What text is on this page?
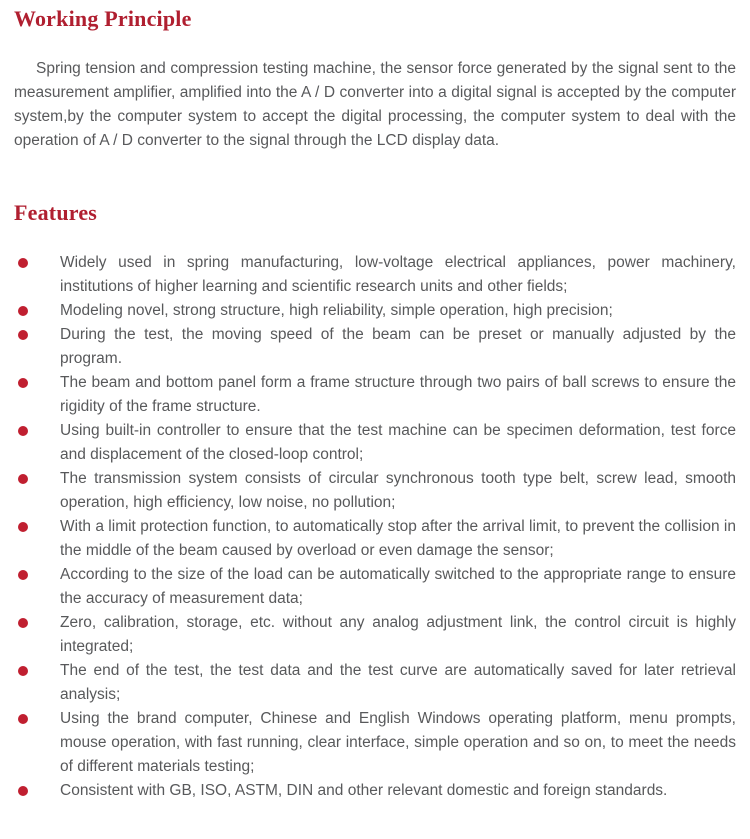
Working Principle

Spring tension and compression testing machine, the sensor force generated by the signal sent to the measurement amplifier, amplified into the A / D converter into a digital signal is accepted by the computer system,by the computer system to accept the digital processing, the computer system to deal with the operation of A / D converter to the signal through the LCD display data.

Features
Widely used in spring manufacturing, low-voltage electrical appliances, power machinery, institutions of higher learning and scientific research units and other fields;
Modeling novel, strong structure, high reliability, simple operation, high precision;
During the test, the moving speed of the beam can be preset or manually adjusted by the program.
The beam and bottom panel form a frame structure through two pairs of ball screws to ensure the rigidity of the frame structure.
Using built-in controller to ensure that the test machine can be specimen deformation, test force and displacement of the closed-loop control;
The transmission system consists of circular synchronous tooth type belt, screw lead, smooth operation, high efficiency, low noise, no pollution;
With a limit protection function, to automatically stop after the arrival limit, to prevent the collision in the middle of the beam caused by overload or even damage the sensor;
According to the size of the load can be automatically switched to the appropriate range to ensure the accuracy of measurement data;
Zero, calibration, storage, etc. without any analog adjustment link, the control circuit is highly integrated;
The end of the test, the test data and the test curve are automatically saved for later retrieval analysis;
Using the brand computer, Chinese and English Windows operating platform, menu prompts, mouse operation, with fast running, clear interface, simple operation and so on, to meet the needs of different materials testing;
Consistent with GB, ISO, ASTM, DIN and other relevant domestic and foreign standards.
